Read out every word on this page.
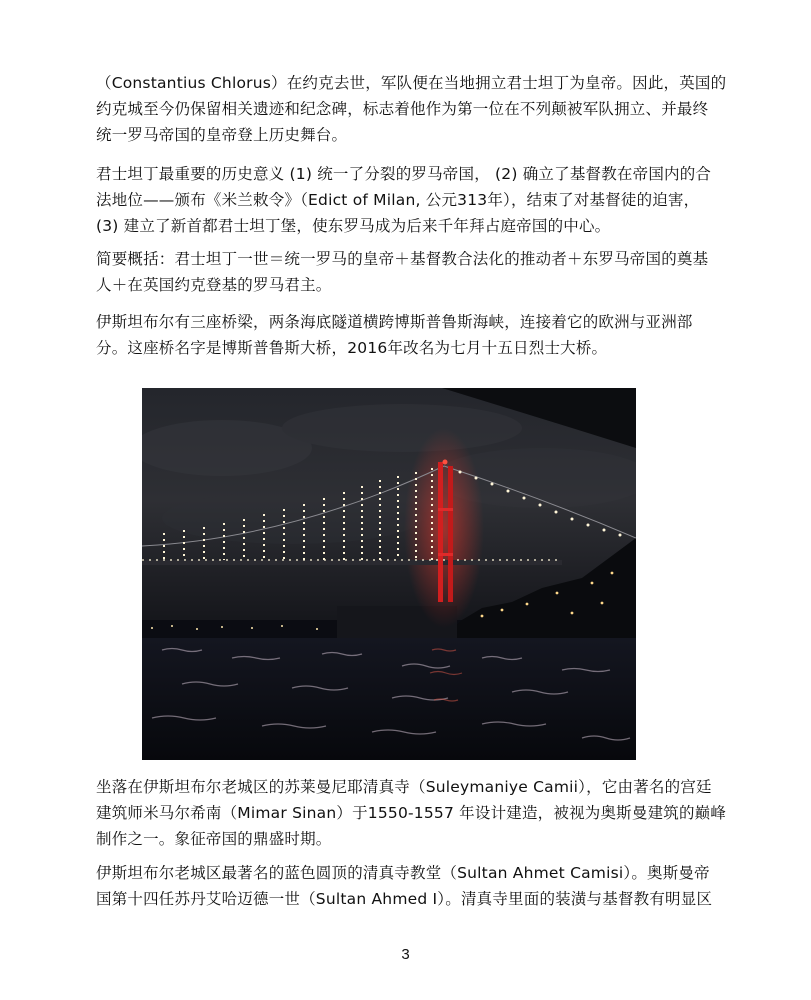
（Constantius Chlorus）在约克去世，军队便在当地拥立君士坦丁为皇帝。因此，英国的
约克城至今仍保留相关遗迹和纪念碑，标志着他作为第一位在不列颠被军队拥立、并最终
统一罗马帝国的皇帝登上历史舞台。
君士坦丁最重要的历史意义 (1) 统一了分裂的罗马帝国， (2) 确立了基督教在帝国内的合
法地位——颁布《米兰敕令》（Edict of Milan, 公元313年），结束了对基督徒的迫害，
(3) 建立了新首都君士坦丁堡，使东罗马成为后来千年拜占庭帝国的中心。
简要概括：君士坦丁一世＝统一罗马的皇帝＋基督教合法化的推动者＋东罗马帝国的奠基
人＋在英国约克登基的罗马君主。
伊斯坦布尔有三座桥梁，两条海底隧道横跨博斯普鲁斯海峡，连接着它的欧洲与亚洲部
分。这座桥名字是博斯普鲁斯大桥，2016年改名为七月十五日烈士大桥。
坐落在伊斯坦布尔老城区的苏莱曼尼耶清真寺（Suleymaniye Camii），它由著名的宫廷
建筑师米马尔希南（Mimar Sinan）于1550-1557 年设计建造，被视为奥斯曼建筑的巅峰
制作之一。象征帝国的鼎盛时期。
伊斯坦布尔老城区最著名的蓝色圆顶的清真寺教堂（Sultan Ahmet Camisi）。奥斯曼帝
国第十四任苏丹艾哈迈德一世（Sultan Ahmed I）。清真寺里面的装潢与基督教有明显区
3
